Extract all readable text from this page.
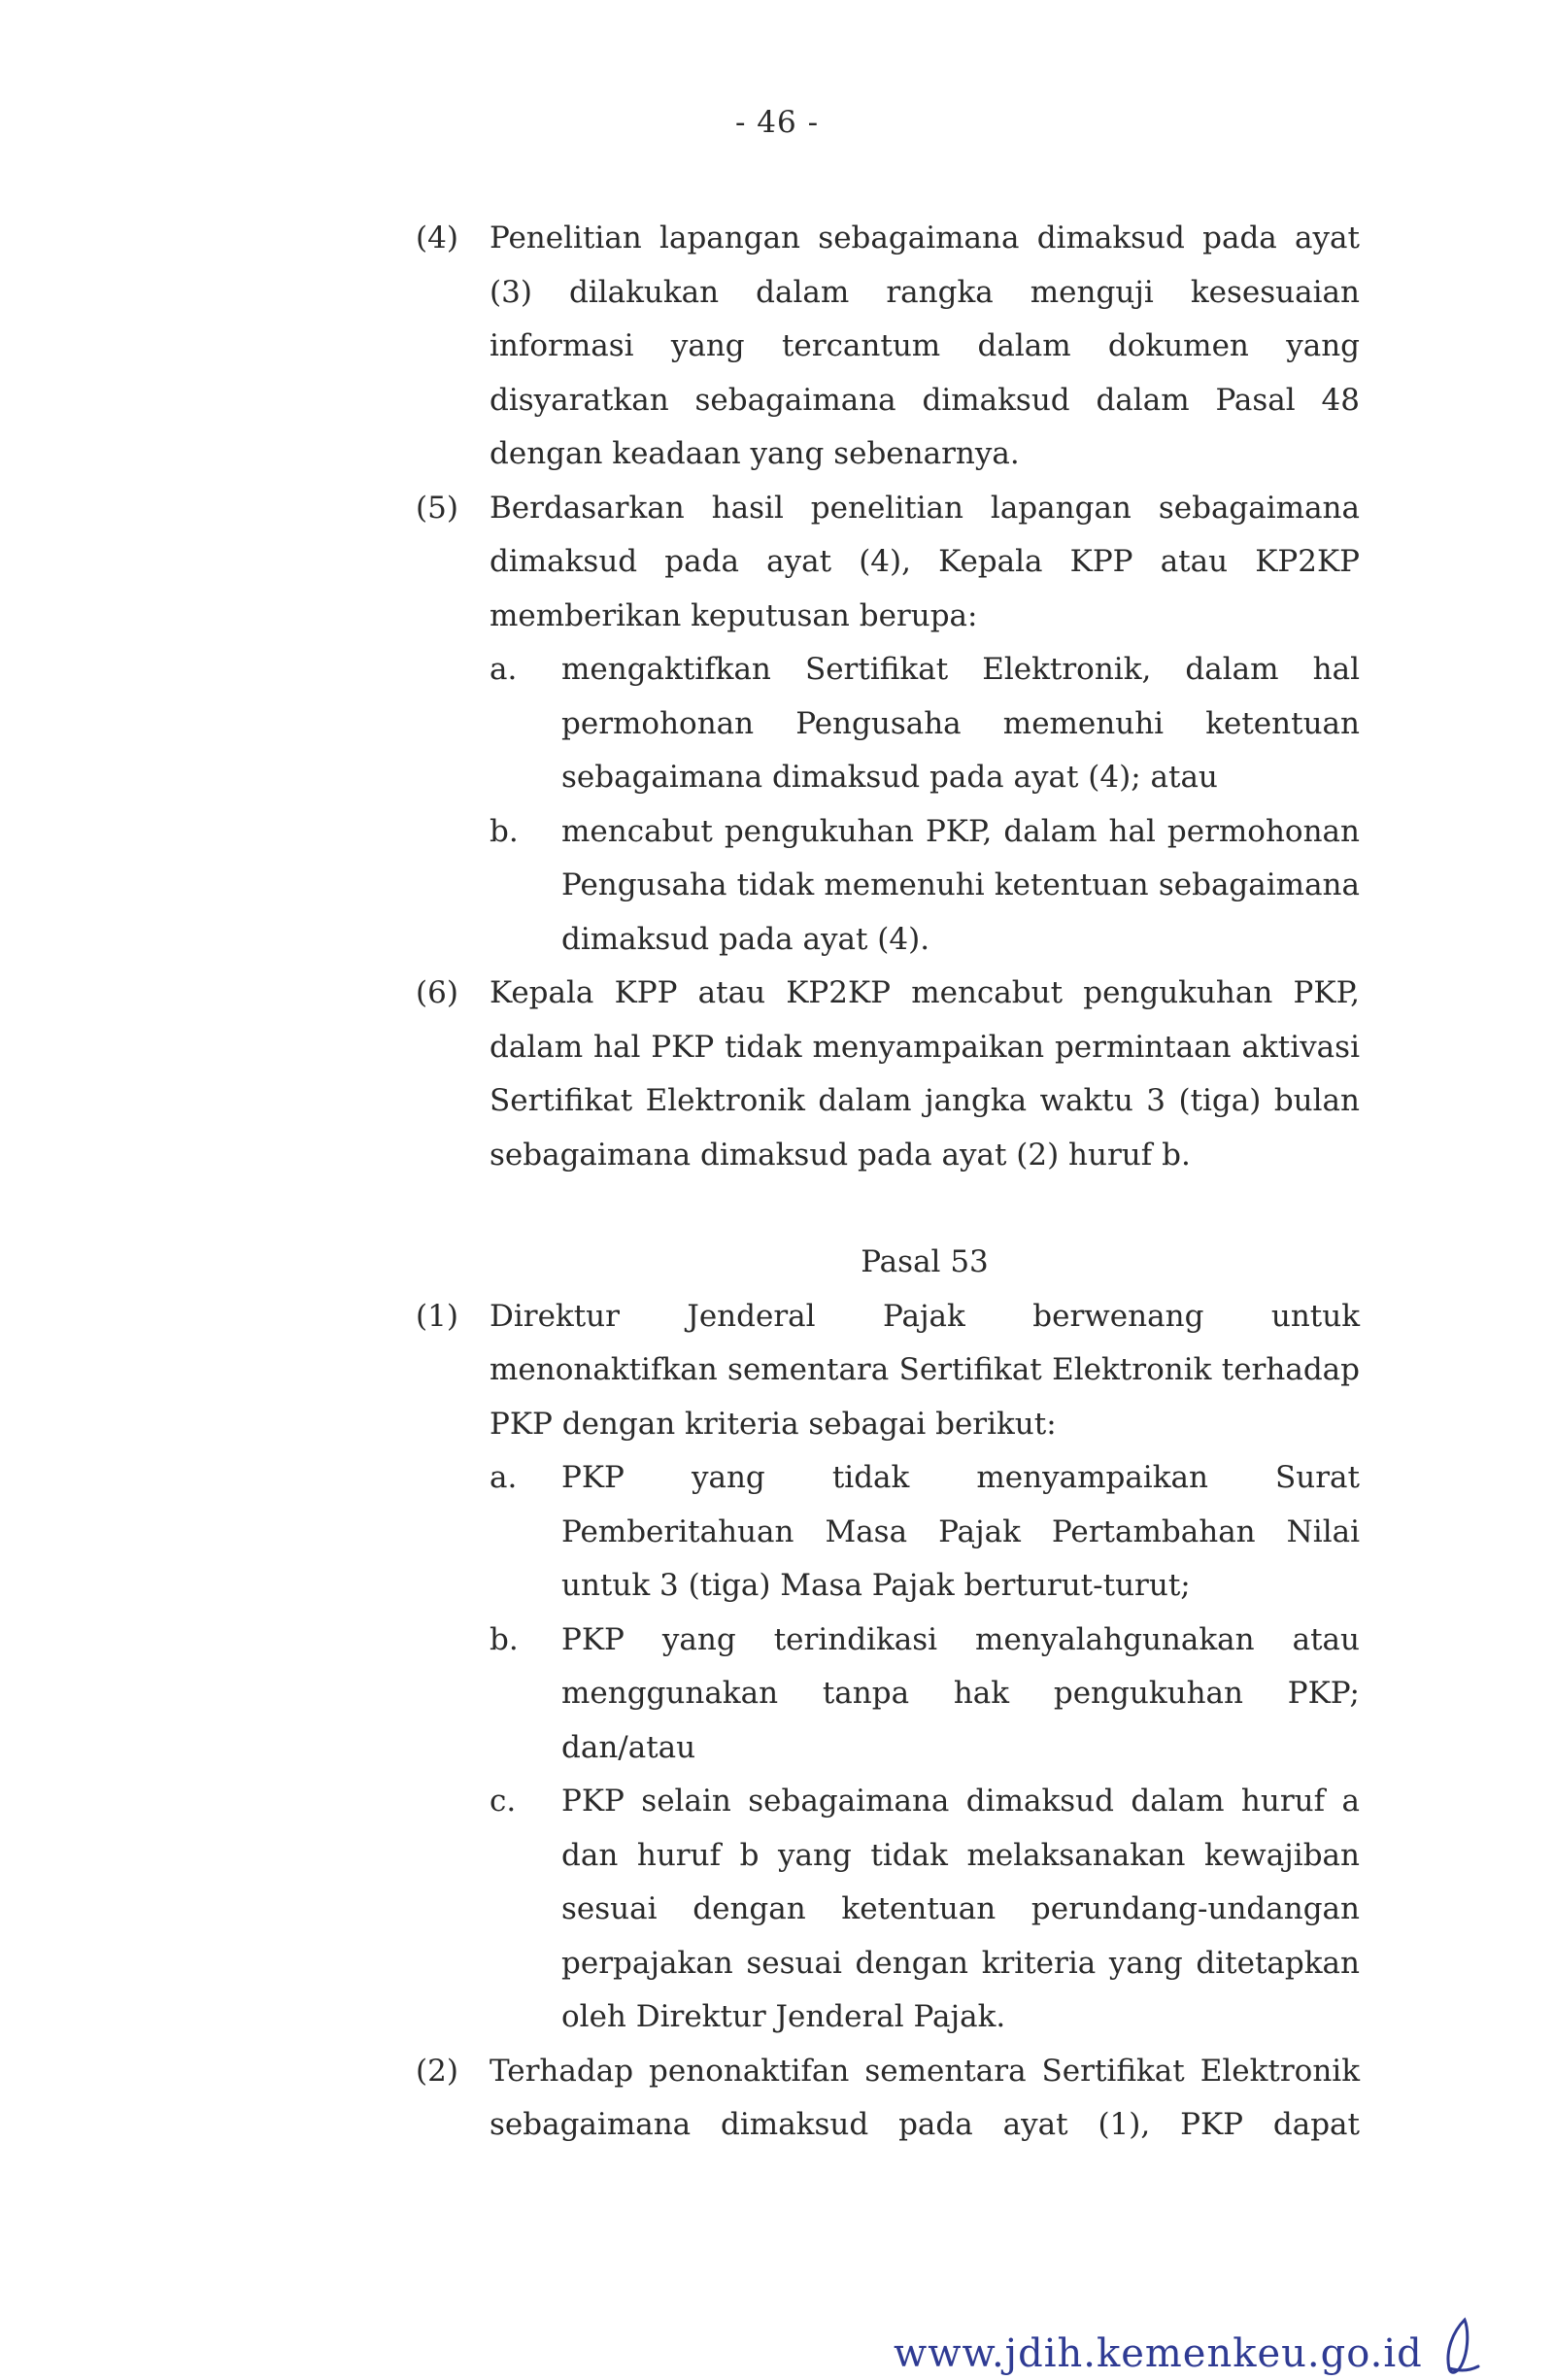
- 46 -
(4) Penelitian lapangan sebagaimana dimaksud pada ayat (3) dilakukan dalam rangka menguji kesesuaian informasi yang tercantum dalam dokumen yang disyaratkan sebagaimana dimaksud dalam Pasal 48 dengan keadaan yang sebenarnya.
(5) Berdasarkan hasil penelitian lapangan sebagaimana dimaksud pada ayat (4), Kepala KPP atau KP2KP memberikan keputusan berupa:
a. mengaktifkan Sertifikat Elektronik, dalam hal permohonan Pengusaha memenuhi ketentuan sebagaimana dimaksud pada ayat (4); atau
b. mencabut pengukuhan PKP, dalam hal permohonan Pengusaha tidak memenuhi ketentuan sebagaimana dimaksud pada ayat (4).
(6) Kepala KPP atau KP2KP mencabut pengukuhan PKP, dalam hal PKP tidak menyampaikan permintaan aktivasi Sertifikat Elektronik dalam jangka waktu 3 (tiga) bulan sebagaimana dimaksud pada ayat (2) huruf b.
Pasal 53
(1) Direktur Jenderal Pajak berwenang untuk menonaktifkan sementara Sertifikat Elektronik terhadap PKP dengan kriteria sebagai berikut:
a. PKP yang tidak menyampaikan Surat Pemberitahuan Masa Pajak Pertambahan Nilai untuk 3 (tiga) Masa Pajak berturut-turut;
b. PKP yang terindikasi menyalahgunakan atau menggunakan tanpa hak pengukuhan PKP; dan/atau
c. PKP selain sebagaimana dimaksud dalam huruf a dan huruf b yang tidak melaksanakan kewajiban sesuai dengan ketentuan perundang-undangan perpajakan sesuai dengan kriteria yang ditetapkan oleh Direktur Jenderal Pajak.
(2) Terhadap penonaktifan sementara Sertifikat Elektronik sebagaimana dimaksud pada ayat (1), PKP dapat
www.jdih.kemenkeu.go.id
